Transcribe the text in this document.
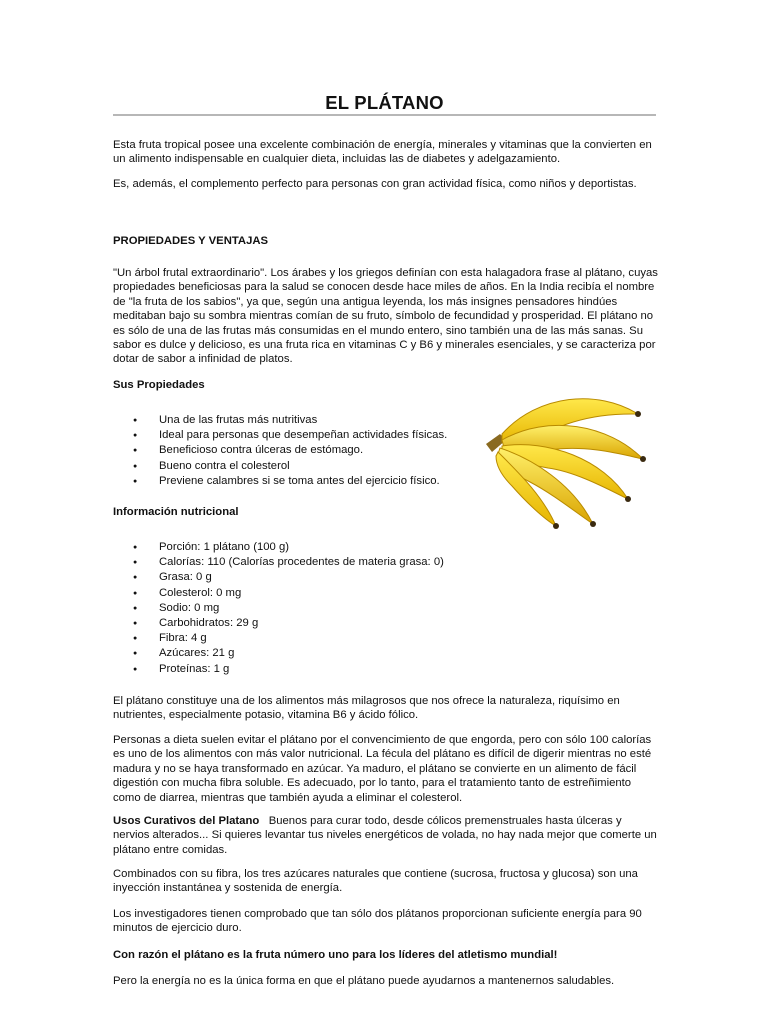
EL PLÁTANO

Esta fruta tropical posee una excelente combinación de energía, minerales y vitaminas que la convierten en un alimento indispensable en cualquier dieta, incluidas las de diabetes y adelgazamiento.

Es, además, el complemento perfecto para personas con gran actividad física, como niños y deportistas.

PROPIEDADES Y VENTAJAS

"Un árbol frutal extraordinario". Los árabes y los griegos definían con esta halagadora frase al plátano, cuyas propiedades beneficiosas para la salud se conocen desde hace miles de años. En la India recibía el nombre de "la fruta de los sabios", ya que, según una antigua leyenda, los más insignes pensadores hindúes meditaban bajo su sombra mientras comían de su fruto, símbolo de fecundidad y prosperidad. El plátano no es sólo de una de las frutas más consumidas en el mundo entero, sino también una de las más sanas. Su sabor es dulce y delicioso, es una fruta rica en vitaminas C y B6 y minerales esenciales, y se caracteriza por dotar de sabor a infinidad de platos.

Sus Propiedades

● Una de las frutas más nutritivas
● Ideal para personas que desempeñan actividades físicas.
● Beneficioso contra úlceras de estómago.
● Bueno contra el colesterol
● Previene calambres si se toma antes del ejercicio físico.

Información nutricional

● Porción: 1 plátano (100 g)
● Calorías: 110 (Calorías procedentes de materia grasa: 0)
● Grasa: 0 g
● Colesterol: 0 mg
● Sodio: 0 mg
● Carbohidratos: 29 g
● Fibra: 4 g
● Azúcares: 21 g
● Proteínas: 1 g

El plátano constituye una de los alimentos más milagrosos que nos ofrece la naturaleza, riquísimo en nutrientes, especialmente potasio, vitamina B6 y ácido fólico.

Personas a dieta suelen evitar el plátano por el convencimiento de que engorda, pero con sólo 100 calorías es uno de los alimentos con más valor nutricional. La fécula del plátano es difícil de digerir mientras no esté madura y no se haya transformado en azúcar. Ya maduro, el plátano se convierte en un alimento de fácil digestión con mucha fibra soluble. Es adecuado, por lo tanto, para el tratamiento tanto de estreñimiento como de diarrea, mientras que también ayuda a eliminar el colesterol.

Usos Curativos del Platano Buenos para curar todo, desde cólicos premenstruales hasta úlceras y nervios alterados... Si quieres levantar tus niveles energéticos de volada, no hay nada mejor que comerte un plátano entre comidas.

Combinados con su fibra, los tres azúcares naturales que contiene (sucrosa, fructosa y glucosa) son una inyección instantánea y sostenida de energía.

Los investigadores tienen comprobado que tan sólo dos plátanos proporcionan suficiente energía para 90 minutos de ejercicio duro.

Con razón el plátano es la fruta número uno para los líderes del atletismo mundial!

Pero la energía no es la única forma en que el plátano puede ayudarnos a mantenernos saludables.
